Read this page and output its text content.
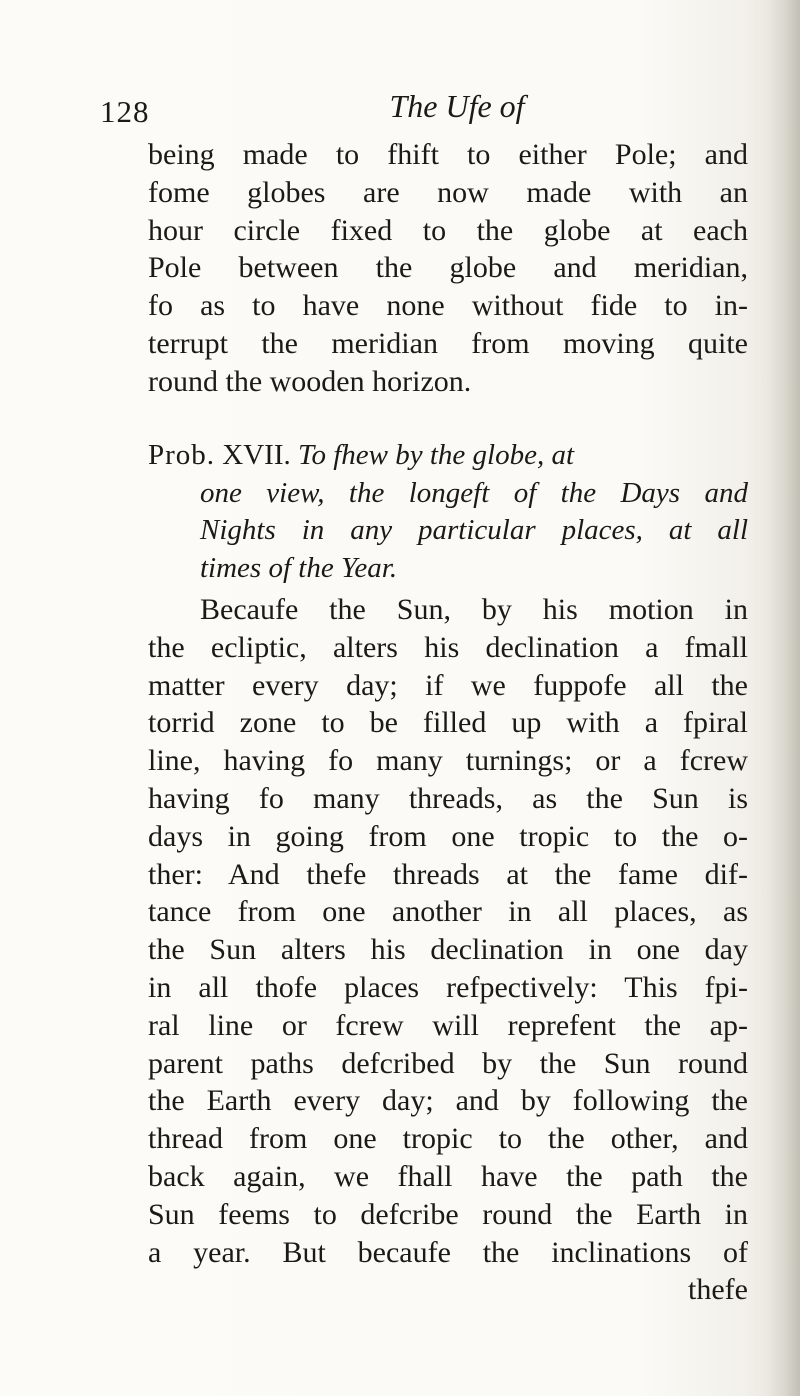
128	The Ufe of
being made to fhift to either Pole; and
fome globes are now made with an
hour circle fixed to the globe at each
Pole between the globe and meridian,
fo as to have none without fide to in-
terrupt the meridian from moving quite
round the wooden horizon.
Prob. XVII. To fhew by the globe, at
one view, the longeft of the Days and
Nights in any particular places, at all
times of the Year.
Becaufe the Sun, by his motion in
the ecliptic, alters his declination a fmall
matter every day; if we fuppofe all the
torrid zone to be filled up with a fpiral
line, having fo many turnings; or a fcrew
having fo many threads, as the Sun is
days in going from one tropic to the o-
ther: And thefe threads at the fame dif-
tance from one another in all places, as
the Sun alters his declination in one day
in all thofe places refpectively: This fpi-
ral line or fcrew will reprefent the ap-
parent paths defcribed by the Sun round
the Earth every day; and by following the
thread from one tropic to the other, and
back again, we fhall have the path the
Sun feems to defcribe round the Earth in
a year. But becaufe the inclinations of
thefe
